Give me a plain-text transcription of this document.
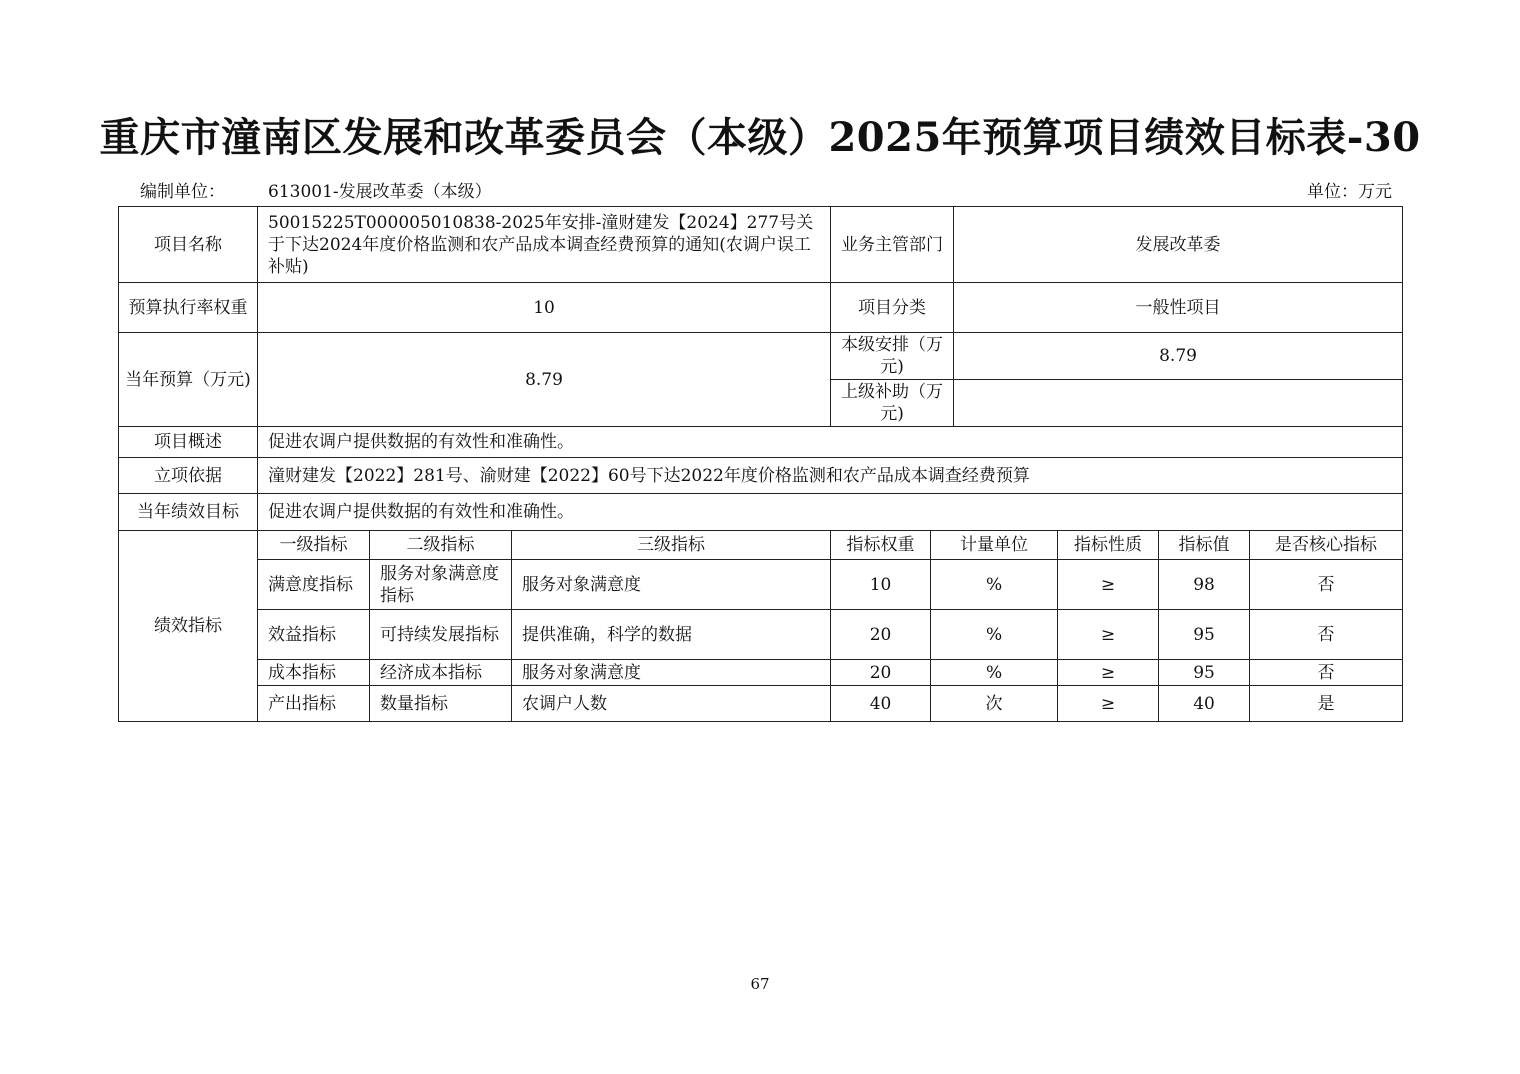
重庆市潼南区发展和改革委员会（本级）2025年预算项目绩效目标表-30
编制单位：	613001-发展改革委（本级）	单位：万元
项目名称	50015225T000005010838-2025年安排-潼财建发【2024】277号关于下达2024年度价格监测和农产品成本调查经费预算的通知(农调户误工补贴)			业务主管部门		发展改革委			
预算执行率权重	10			项目分类		一般性项目			
当年预算（万元)	8.79			本级安排（万元)		8.79			
				上级补助（万元)					
项目概述	促进农调户提供数据的有效性和准确性。								
立项依据	潼财建发【2022】281号、渝财建【2022】60号下达2022年度价格监测和农产品成本调查经费预算								
当年绩效目标	促进农调户提供数据的有效性和准确性。								
绩效指标	一级指标	二级指标	三级指标	指标权重	计量单位		指标性质	指标值	是否核心指标
	满意度指标	服务对象满意度指标	服务对象满意度	10	%		≥	98	否
	效益指标	可持续发展指标	提供准确，科学的数据	20	%		≥	95	否
	成本指标	经济成本指标	服务对象满意度	20	%		≥	95	否
	产出指标	数量指标	农调户人数	40	次		≥	40	是
67
